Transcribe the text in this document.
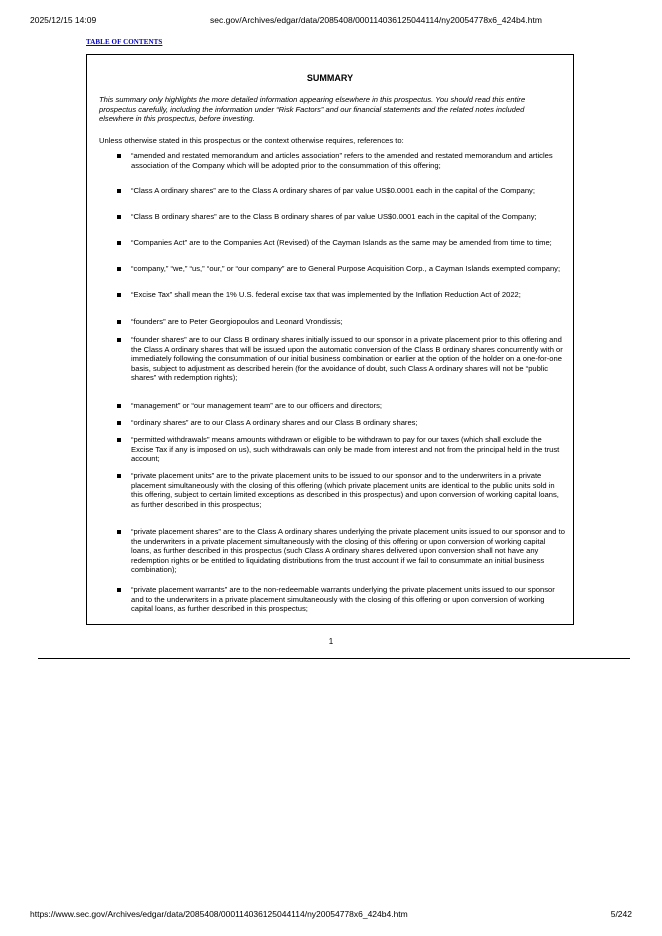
2025/12/15 14:09	sec.gov/Archives/edgar/data/2085408/000114036125044114/ny20054778x6_424b4.htm
TABLE OF CONTENTS
SUMMARY
This summary only highlights the more detailed information appearing elsewhere in this prospectus. You should read this entire prospectus carefully, including the information under “Risk Factors” and our financial statements and the related notes included elsewhere in this prospectus, before investing.
Unless otherwise stated in this prospectus or the context otherwise requires, references to:
“amended and restated memorandum and articles association” refers to the amended and restated memorandum and articles association of the Company which will be adopted prior to the consummation of this offering;
“Class A ordinary shares” are to the Class A ordinary shares of par value US$0.0001 each in the capital of the Company;
“Class B ordinary shares” are to the Class B ordinary shares of par value US$0.0001 each in the capital of the Company;
“Companies Act” are to the Companies Act (Revised) of the Cayman Islands as the same may be amended from time to time;
“company,” “we,” “us,” “our,” or “our company” are to General Purpose Acquisition Corp., a Cayman Islands exempted company;
“Excise Tax” shall mean the 1% U.S. federal excise tax that was implemented by the Inflation Reduction Act of 2022;
“founders” are to Peter Georgiopoulos and Leonard Vrondissis;
“founder shares” are to our Class B ordinary shares initially issued to our sponsor in a private placement prior to this offering and the Class A ordinary shares that will be issued upon the automatic conversion of the Class B ordinary shares concurrently with or immediately following the consummation of our initial business combination or earlier at the option of the holder on a one-for-one basis, subject to adjustment as described herein (for the avoidance of doubt, such Class A ordinary shares will not be “public shares” with redemption rights);
“management” or “our management team” are to our officers and directors;
“ordinary shares” are to our Class A ordinary shares and our Class B ordinary shares;
“permitted withdrawals” means amounts withdrawn or eligible to be withdrawn to pay for our taxes (which shall exclude the Excise Tax if any is imposed on us), such withdrawals can only be made from interest and not from the principal held in the trust account;
“private placement units” are to the private placement units to be issued to our sponsor and to the underwriters in a private placement simultaneously with the closing of this offering (which private placement units are identical to the public units sold in this offering, subject to certain limited exceptions as described in this prospectus) and upon conversion of working capital loans, as further described in this prospectus;
“private placement shares” are to the Class A ordinary shares underlying the private placement units issued to our sponsor and to the underwriters in a private placement simultaneously with the closing of this offering or upon conversion of working capital loans, as further described in this prospectus (such Class A ordinary shares delivered upon conversion shall not have any redemption rights or be entitled to liquidating distributions from the trust account if we fail to consummate an initial business combination);
“private placement warrants” are to the non-redeemable warrants underlying the private placement units issued to our sponsor and to the underwriters in a private placement simultaneously with the closing of this offering or upon conversion of working capital loans, as further described in this prospectus;
1
https://www.sec.gov/Archives/edgar/data/2085408/000114036125044114/ny20054778x6_424b4.htm	5/242
